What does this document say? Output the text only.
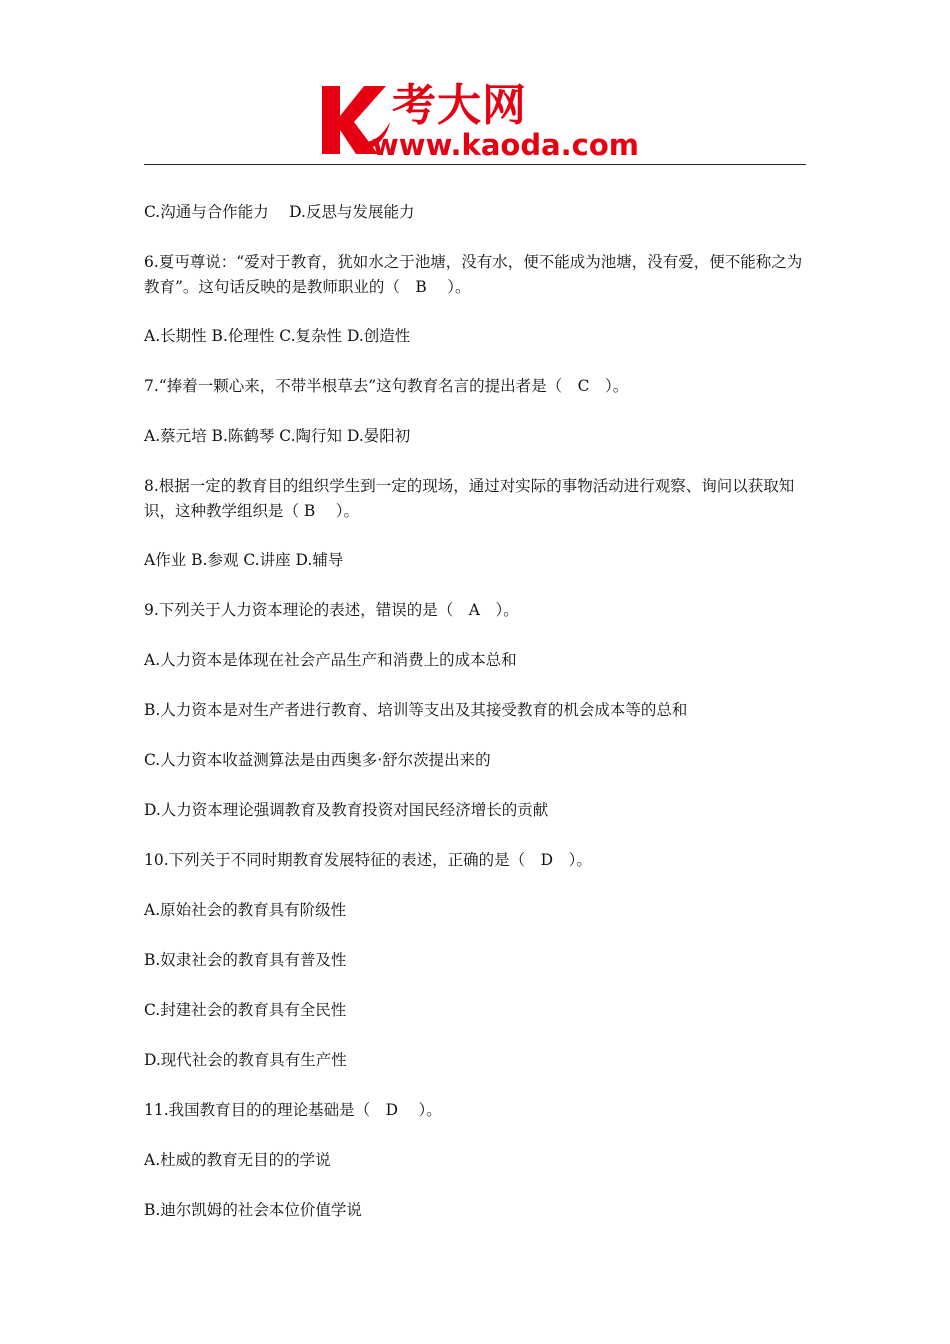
考大网
www.kaoda.com
C.沟通与合作能力　 D.反思与发展能力
6.夏丏尊说：“爱对于教育，犹如水之于池塘，没有水，便不能成为池塘，没有爱，便不能称之为教育”。这句话反映的是教师职业的（　B　 ）。
A.长期性 B.伦理性 C.复杂性 D.创造性
7.“捧着一颗心来，不带半根草去”这句教育名言的提出者是（　C　）。
A.蔡元培 B.陈鹤琴 C.陶行知 D.晏阳初
8.根据一定的教育目的组织学生到一定的现场，通过对实际的事物活动进行观察、询问以获取知识，这种教学组织是（ B　 ）。
A作业 B.参观 C.讲座 D.辅导
9.下列关于人力资本理论的表述，错误的是（　A　）。
A.人力资本是体现在社会产品生产和消费上的成本总和
B.人力资本是对生产者进行教育、培训等支出及其接受教育的机会成本等的总和
C.人力资本收益测算法是由西奥多·舒尔茨提出来的
D.人力资本理论强调教育及教育投资对国民经济增长的贡献
10.下列关于不同时期教育发展特征的表述，正确的是（　D　）。
A.原始社会的教育具有阶级性
B.奴隶社会的教育具有普及性
C.封建社会的教育具有全民性
D.现代社会的教育具有生产性
11.我国教育目的的理论基础是（　D　 ）。
A.杜威的教育无目的的学说
B.迪尔凯姆的社会本位价值学说
